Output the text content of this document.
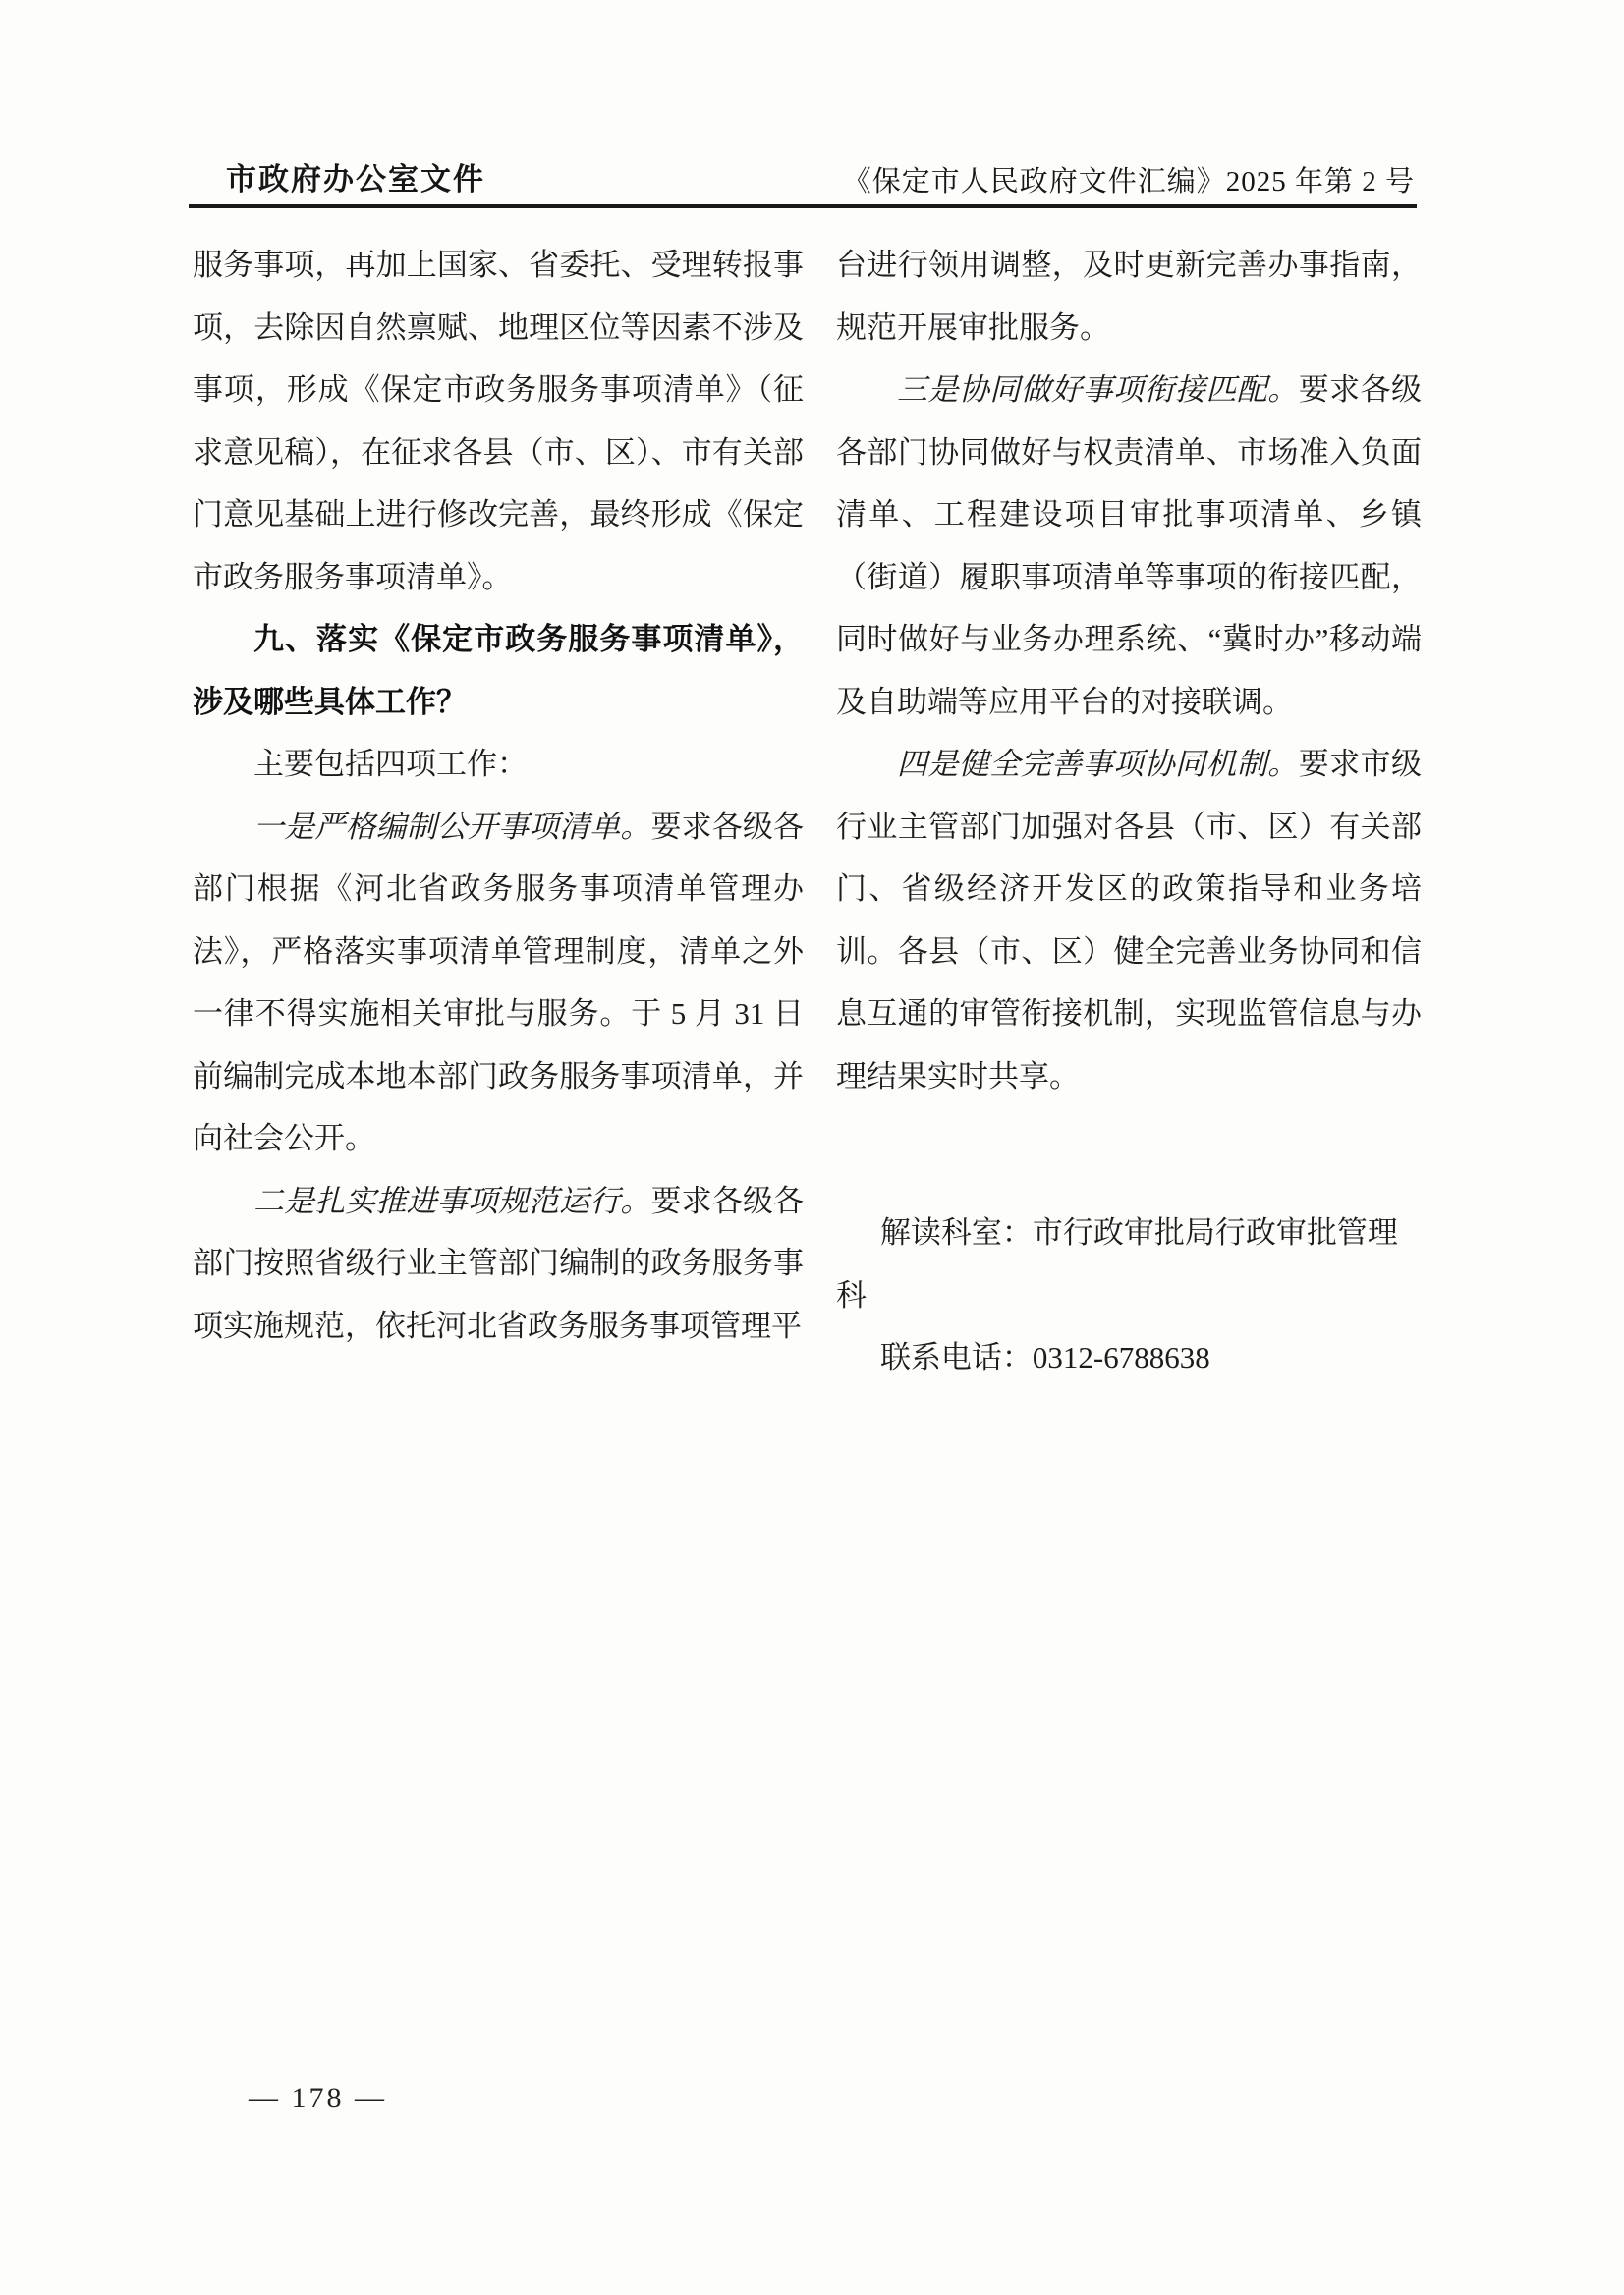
市政府办公室文件	《保定市人民政府文件汇编》2025 年第 2 号

服务事项，再加上国家、省委托、受理转报事项，去除因自然禀赋、地理区位等因素不涉及事项，形成《保定市政务服务事项清单》（征求意见稿），在征求各县（市、区）、市有关部门意见基础上进行修改完善，最终形成《保定市政务服务事项清单》。

九、落实《保定市政务服务事项清单》，涉及哪些具体工作？

主要包括四项工作：

一是严格编制公开事项清单。要求各级各部门根据《河北省政务服务事项清单管理办法》，严格落实事项清单管理制度，清单之外一律不得实施相关审批与服务。于 5 月 31 日前编制完成本地本部门政务服务事项清单，并向社会公开。

二是扎实推进事项规范运行。要求各级各部门按照省级行业主管部门编制的政务服务事项实施规范，依托河北省政务服务事项管理平

台进行领用调整，及时更新完善办事指南，规范开展审批服务。

三是协同做好事项衔接匹配。要求各级各部门协同做好与权责清单、市场准入负面清单、工程建设项目审批事项清单、乡镇（街道）履职事项清单等事项的衔接匹配，同时做好与业务办理系统、“冀时办”移动端及自助端等应用平台的对接联调。

四是健全完善事项协同机制。要求市级行业主管部门加强对各县（市、区）有关部门、省级经济开发区的政策指导和业务培训。各县（市、区）健全完善业务协同和信息互通的审管衔接机制，实现监管信息与办理结果实时共享。

解读科室：市行政审批局行政审批管理科

联系电话：0312-6788638

— 178 —
